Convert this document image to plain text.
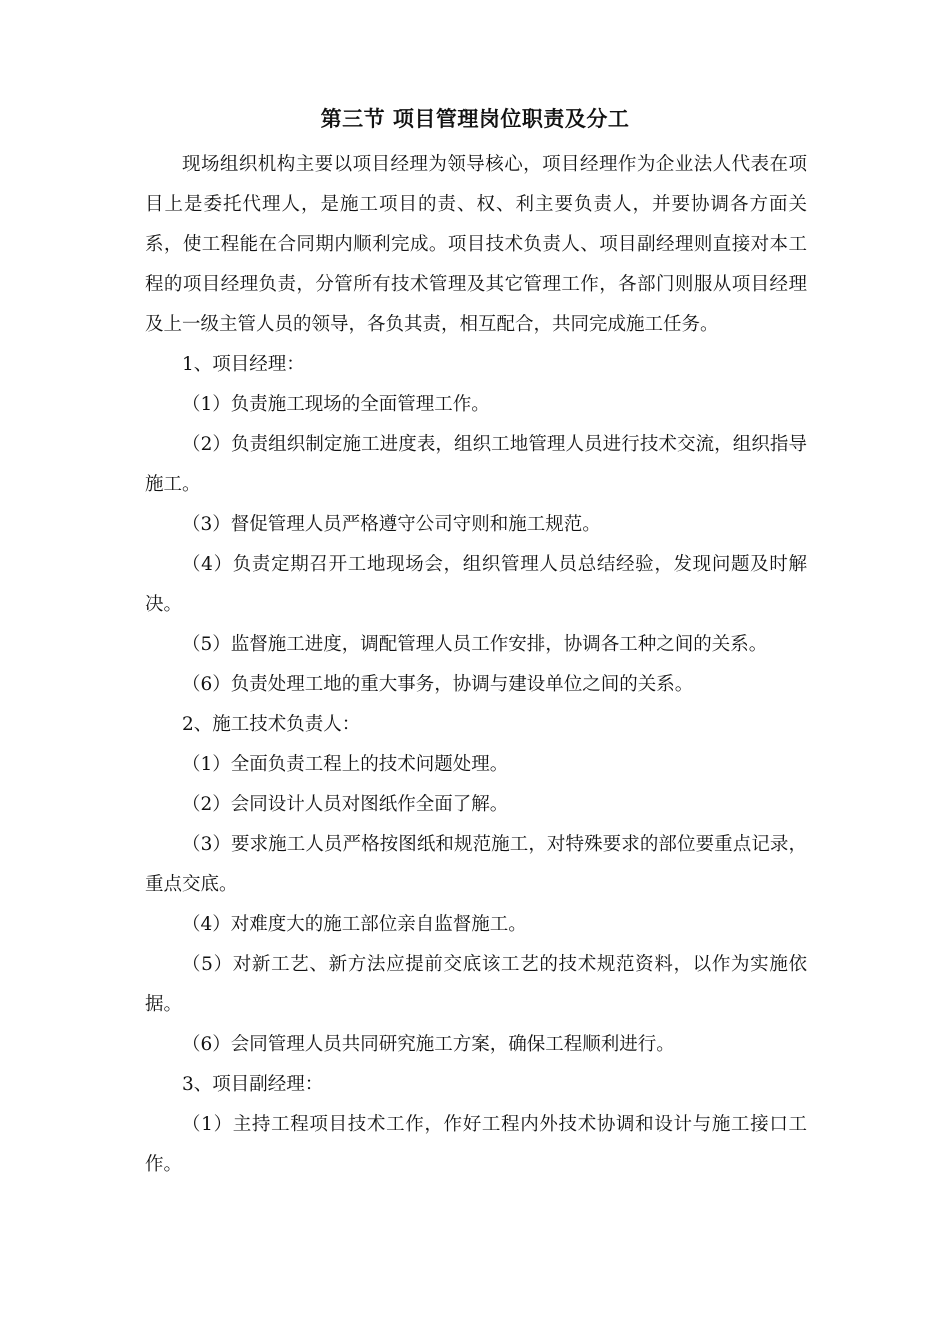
第三节 项目管理岗位职责及分工

现场组织机构主要以项目经理为领导核心，项目经理作为企业法人代表在项目上是委托代理人，是施工项目的责、权、利主要负责人，并要协调各方面关系，使工程能在合同期内顺利完成。项目技术负责人、项目副经理则直接对本工程的项目经理负责，分管所有技术管理及其它管理工作，各部门则服从项目经理及上一级主管人员的领导，各负其责，相互配合，共同完成施工任务。

1、项目经理：

（1）负责施工现场的全面管理工作。

（2）负责组织制定施工进度表，组织工地管理人员进行技术交流，组织指导施工。

（3）督促管理人员严格遵守公司守则和施工规范。

（4）负责定期召开工地现场会，组织管理人员总结经验，发现问题及时解决。

（5）监督施工进度，调配管理人员工作安排，协调各工种之间的关系。

（6）负责处理工地的重大事务，协调与建设单位之间的关系。

2、施工技术负责人：

（1）全面负责工程上的技术问题处理。

（2）会同设计人员对图纸作全面了解。

（3）要求施工人员严格按图纸和规范施工，对特殊要求的部位要重点记录，重点交底。

（4）对难度大的施工部位亲自监督施工。

（5）对新工艺、新方法应提前交底该工艺的技术规范资料，以作为实施依据。

（6）会同管理人员共同研究施工方案，确保工程顺利进行。

3、项目副经理：

（1）主持工程项目技术工作，作好工程内外技术协调和设计与施工接口工作。
